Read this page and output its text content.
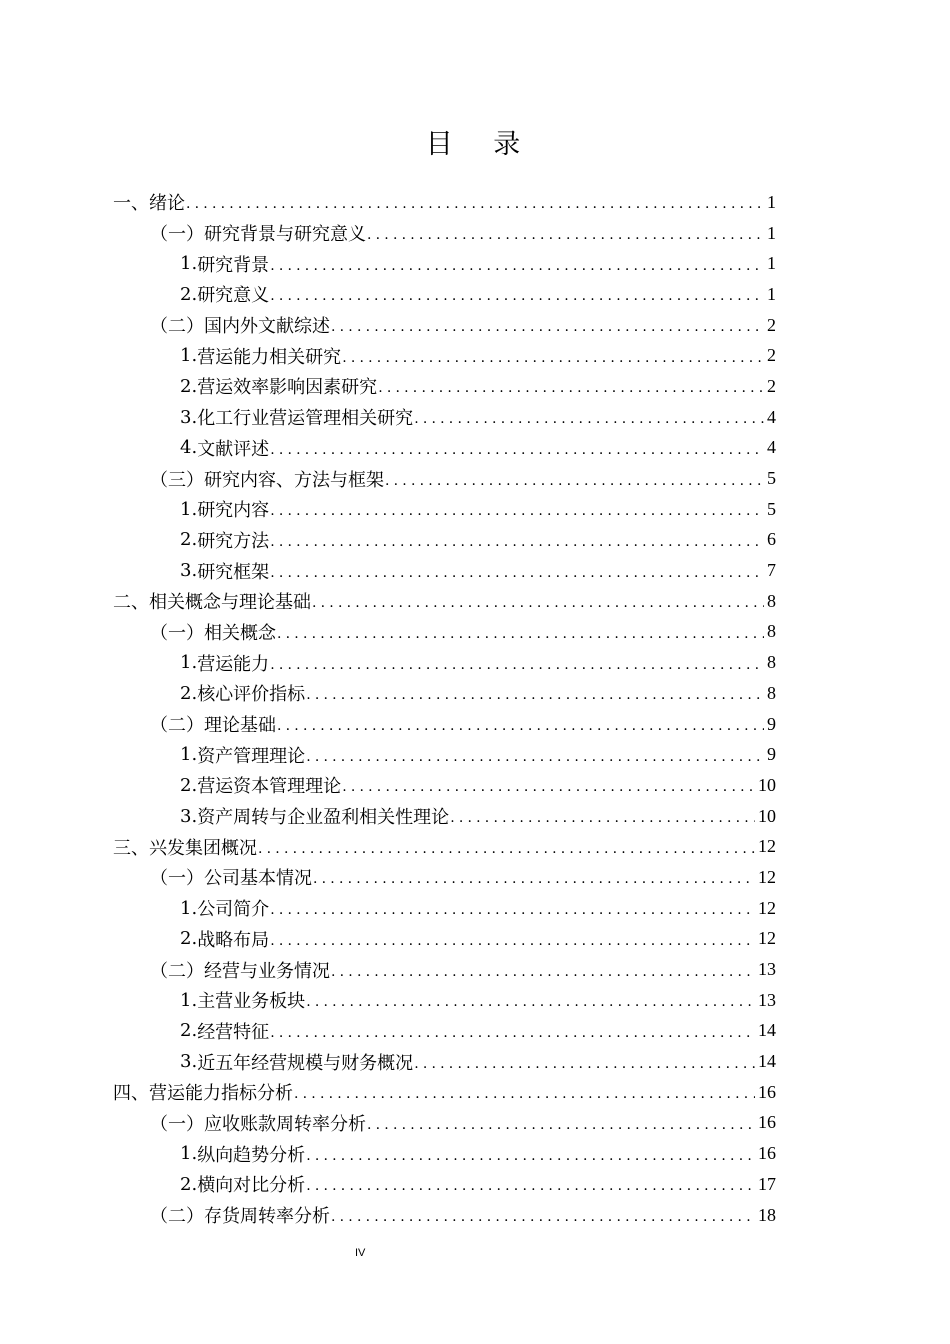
目 录
一、 绪论 .....	1
（一） 研究背景与研究意义 .....	1
1. 研究背景 .....	1
2. 研究意义 .....	1
（二） 国内外文献综述 .....	2
1. 营运能力相关研究 .....	2
2. 营运效率影响因素研究 .....	2
3. 化工行业营运管理相关研究 .....	4
4. 文献评述 .....	4
（三） 研究内容、方法与框架 .....	5
1. 研究内容 .....	5
2. 研究方法 .....	6
3. 研究框架 .....	7
二、 相关概念与理论基础 .....	8
（一） 相关概念 .....	8
1. 营运能力 .....	8
2. 核心评价指标 .....	8
（二） 理论基础 .....	9
1. 资产管理理论 .....	9
2. 营运资本管理理论 .....	10
3. 资产周转与企业盈利相关性理论 .....	10
三、 兴发集团概况 .....	12
（一） 公司基本情况 .....	12
1. 公司简介 .....	12
2. 战略布局 .....	12
（二） 经营与业务情况 .....	13
1. 主营业务板块 .....	13
2. 经营特征 .....	14
3. 近五年经营规模与财务概况 .....	14
四、 营运能力指标分析 .....	16
（一） 应收账款周转率分析 .....	16
1. 纵向趋势分析 .....	16
2. 横向对比分析 .....	17
（二） 存货周转率分析 .....	18
IV
